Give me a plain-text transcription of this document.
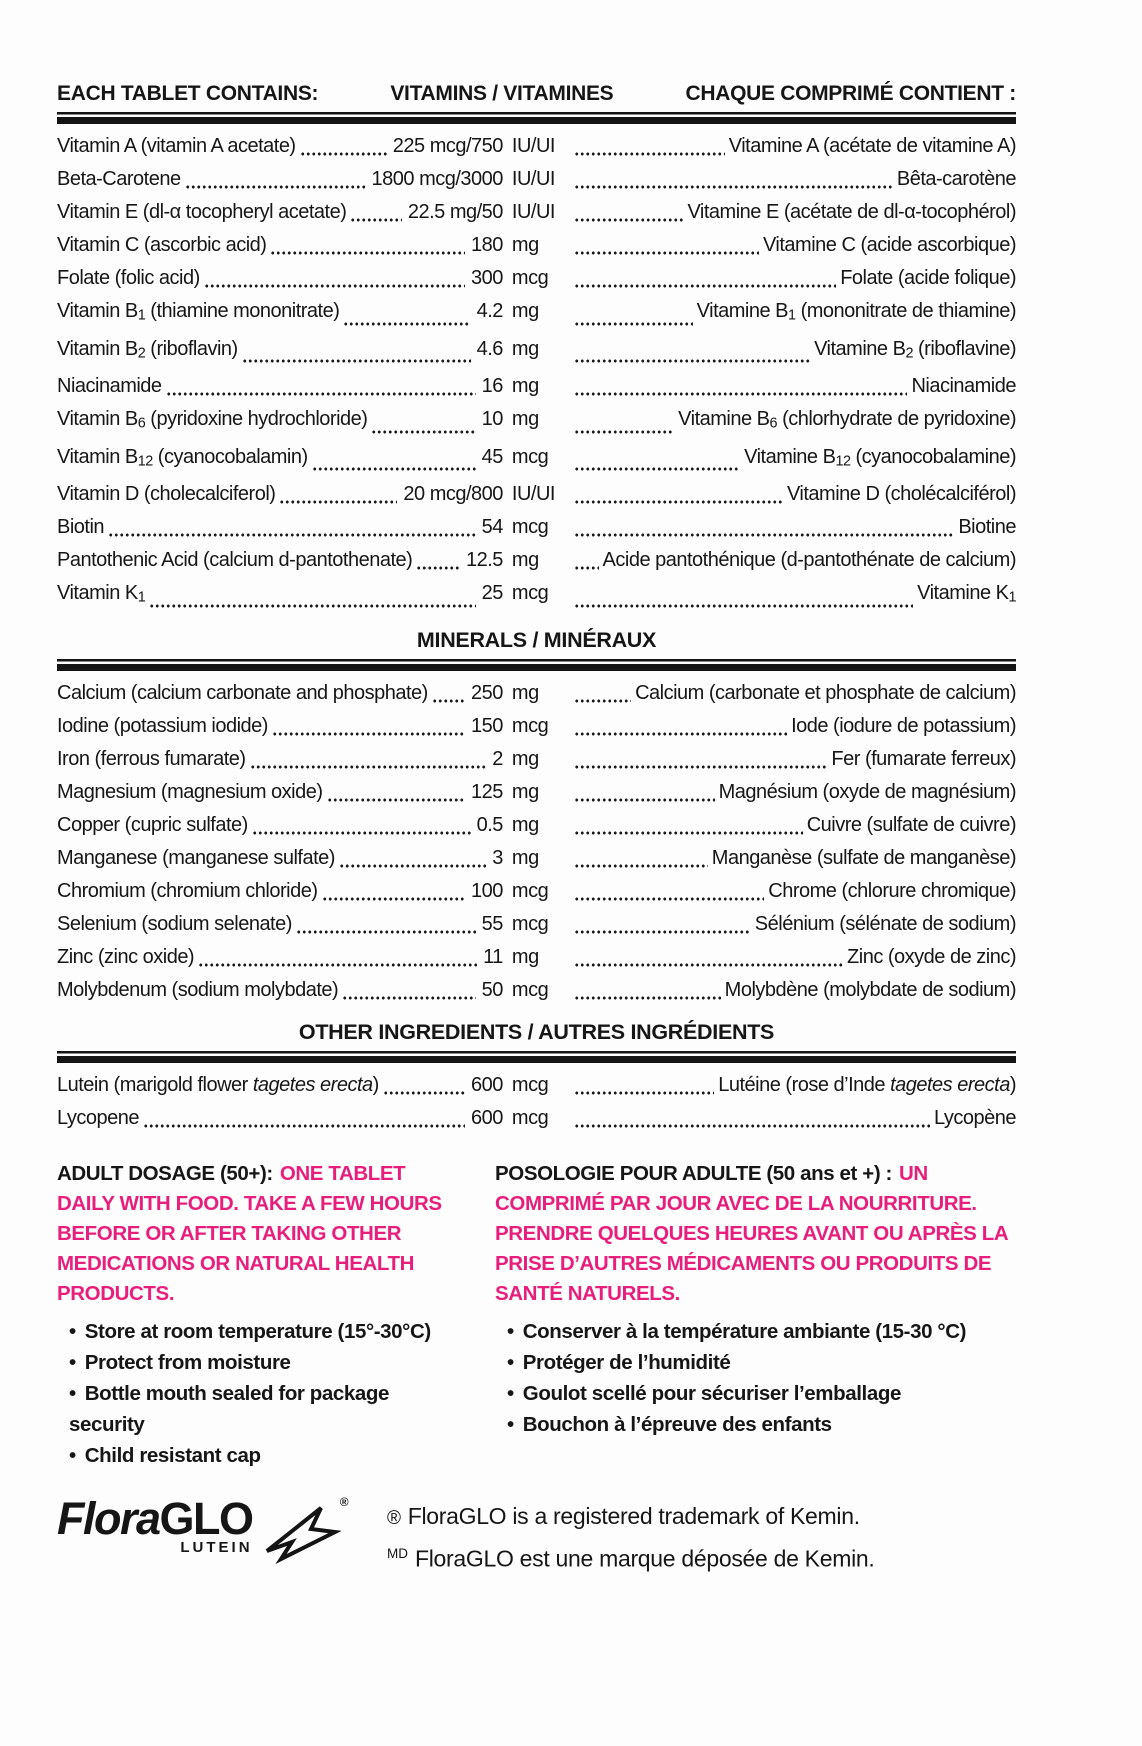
EACH TABLET CONTAINS:	VITAMINS / VITAMINES	CHAQUE COMPRIMÉ CONTIENT :
Vitamin A (vitamin A acetate)	225 mcg/750 IU/UI	Vitamine A (acétate de vitamine A)
Beta-Carotene	1800 mcg/3000 IU/UI	Bêta-carotène
Vitamin E (dl-α tocopheryl acetate)	22.5 mg/50 IU/UI	Vitamine E (acétate de dl-α-tocophérol)
Vitamin C (ascorbic acid)	180 mg	Vitamine C (acide ascorbique)
Folate (folic acid)	300 mcg	Folate (acide folique)
Vitamin B1 (thiamine mononitrate)	4.2 mg	Vitamine B1 (mononitrate de thiamine)
Vitamin B2 (riboflavin)	4.6 mg	Vitamine B2 (riboflavine)
Niacinamide	16 mg	Niacinamide
Vitamin B6 (pyridoxine hydrochloride)	10 mg	Vitamine B6 (chlorhydrate de pyridoxine)
Vitamin B12 (cyanocobalamin)	45 mcg	Vitamine B12 (cyanocobalamine)
Vitamin D (cholecalciferol)	20 mcg/800 IU/UI	Vitamine D (cholécalciférol)
Biotin	54 mcg	Biotine
Pantothenic Acid (calcium d-pantothenate)	12.5 mg	Acide pantothénique (d-pantothénate de calcium)
Vitamin K1	25 mcg	Vitamine K1
MINERALS / MINÉRAUX
Calcium (calcium carbonate and phosphate) 250 mg	Calcium (carbonate et phosphate de calcium)
Iodine (potassium iodide)	150 mcg	Iode (iodure de potassium)
Iron (ferrous fumarate)	2 mg	Fer (fumarate ferreux)
Magnesium (magnesium oxide)	125 mg	Magnésium (oxyde de magnésium)
Copper (cupric sulfate)	0.5 mg	Cuivre (sulfate de cuivre)
Manganese (manganese sulfate)	3 mg	Manganèse (sulfate de manganèse)
Chromium (chromium chloride)	100 mcg	Chrome (chlorure chromique)
Selenium (sodium selenate)	55 mcg	Sélénium (sélénate de sodium)
Zinc (zinc oxide)	11 mg	Zinc (oxyde de zinc)
Molybdenum (sodium molybdate)	50 mcg	Molybdène (molybdate de sodium)
OTHER INGREDIENTS / AUTRES INGRÉDIENTS
Lutein (marigold flower tagetes erecta)	600 mcg	Lutéine (rose d’Inde tagetes erecta)
Lycopene	600 mcg	Lycopène

ADULT DOSAGE (50+): ONE TABLET DAILY WITH FOOD. TAKE A FEW HOURS BEFORE OR AFTER TAKING OTHER MEDICATIONS OR NATURAL HEALTH PRODUCTS.

• Store at room temperature (15°-30°C)
• Protect from moisture
• Bottle mouth sealed for package security
• Child resistant cap

POSOLOGIE POUR ADULTE (50 ans et +) : UN COMPRIMÉ PAR JOUR AVEC DE LA NOURRITURE. PRENDRE QUELQUES HEURES AVANT OU APRÈS LA PRISE D’AUTRES MÉDICAMENTS OU PRODUITS DE SANTÉ NATURELS.

• Conserver à la température ambiante (15-30 °C)
• Protéger de l’humidité
• Goulot scellé pour sécuriser l’emballage
• Bouchon à l’épreuve des enfants
FloraGLO
LUTEIN
®
® FloraGLO is a registered trademark of Kemin.
$^{MD}$ FloraGLO est une marque déposée de Kemin.
